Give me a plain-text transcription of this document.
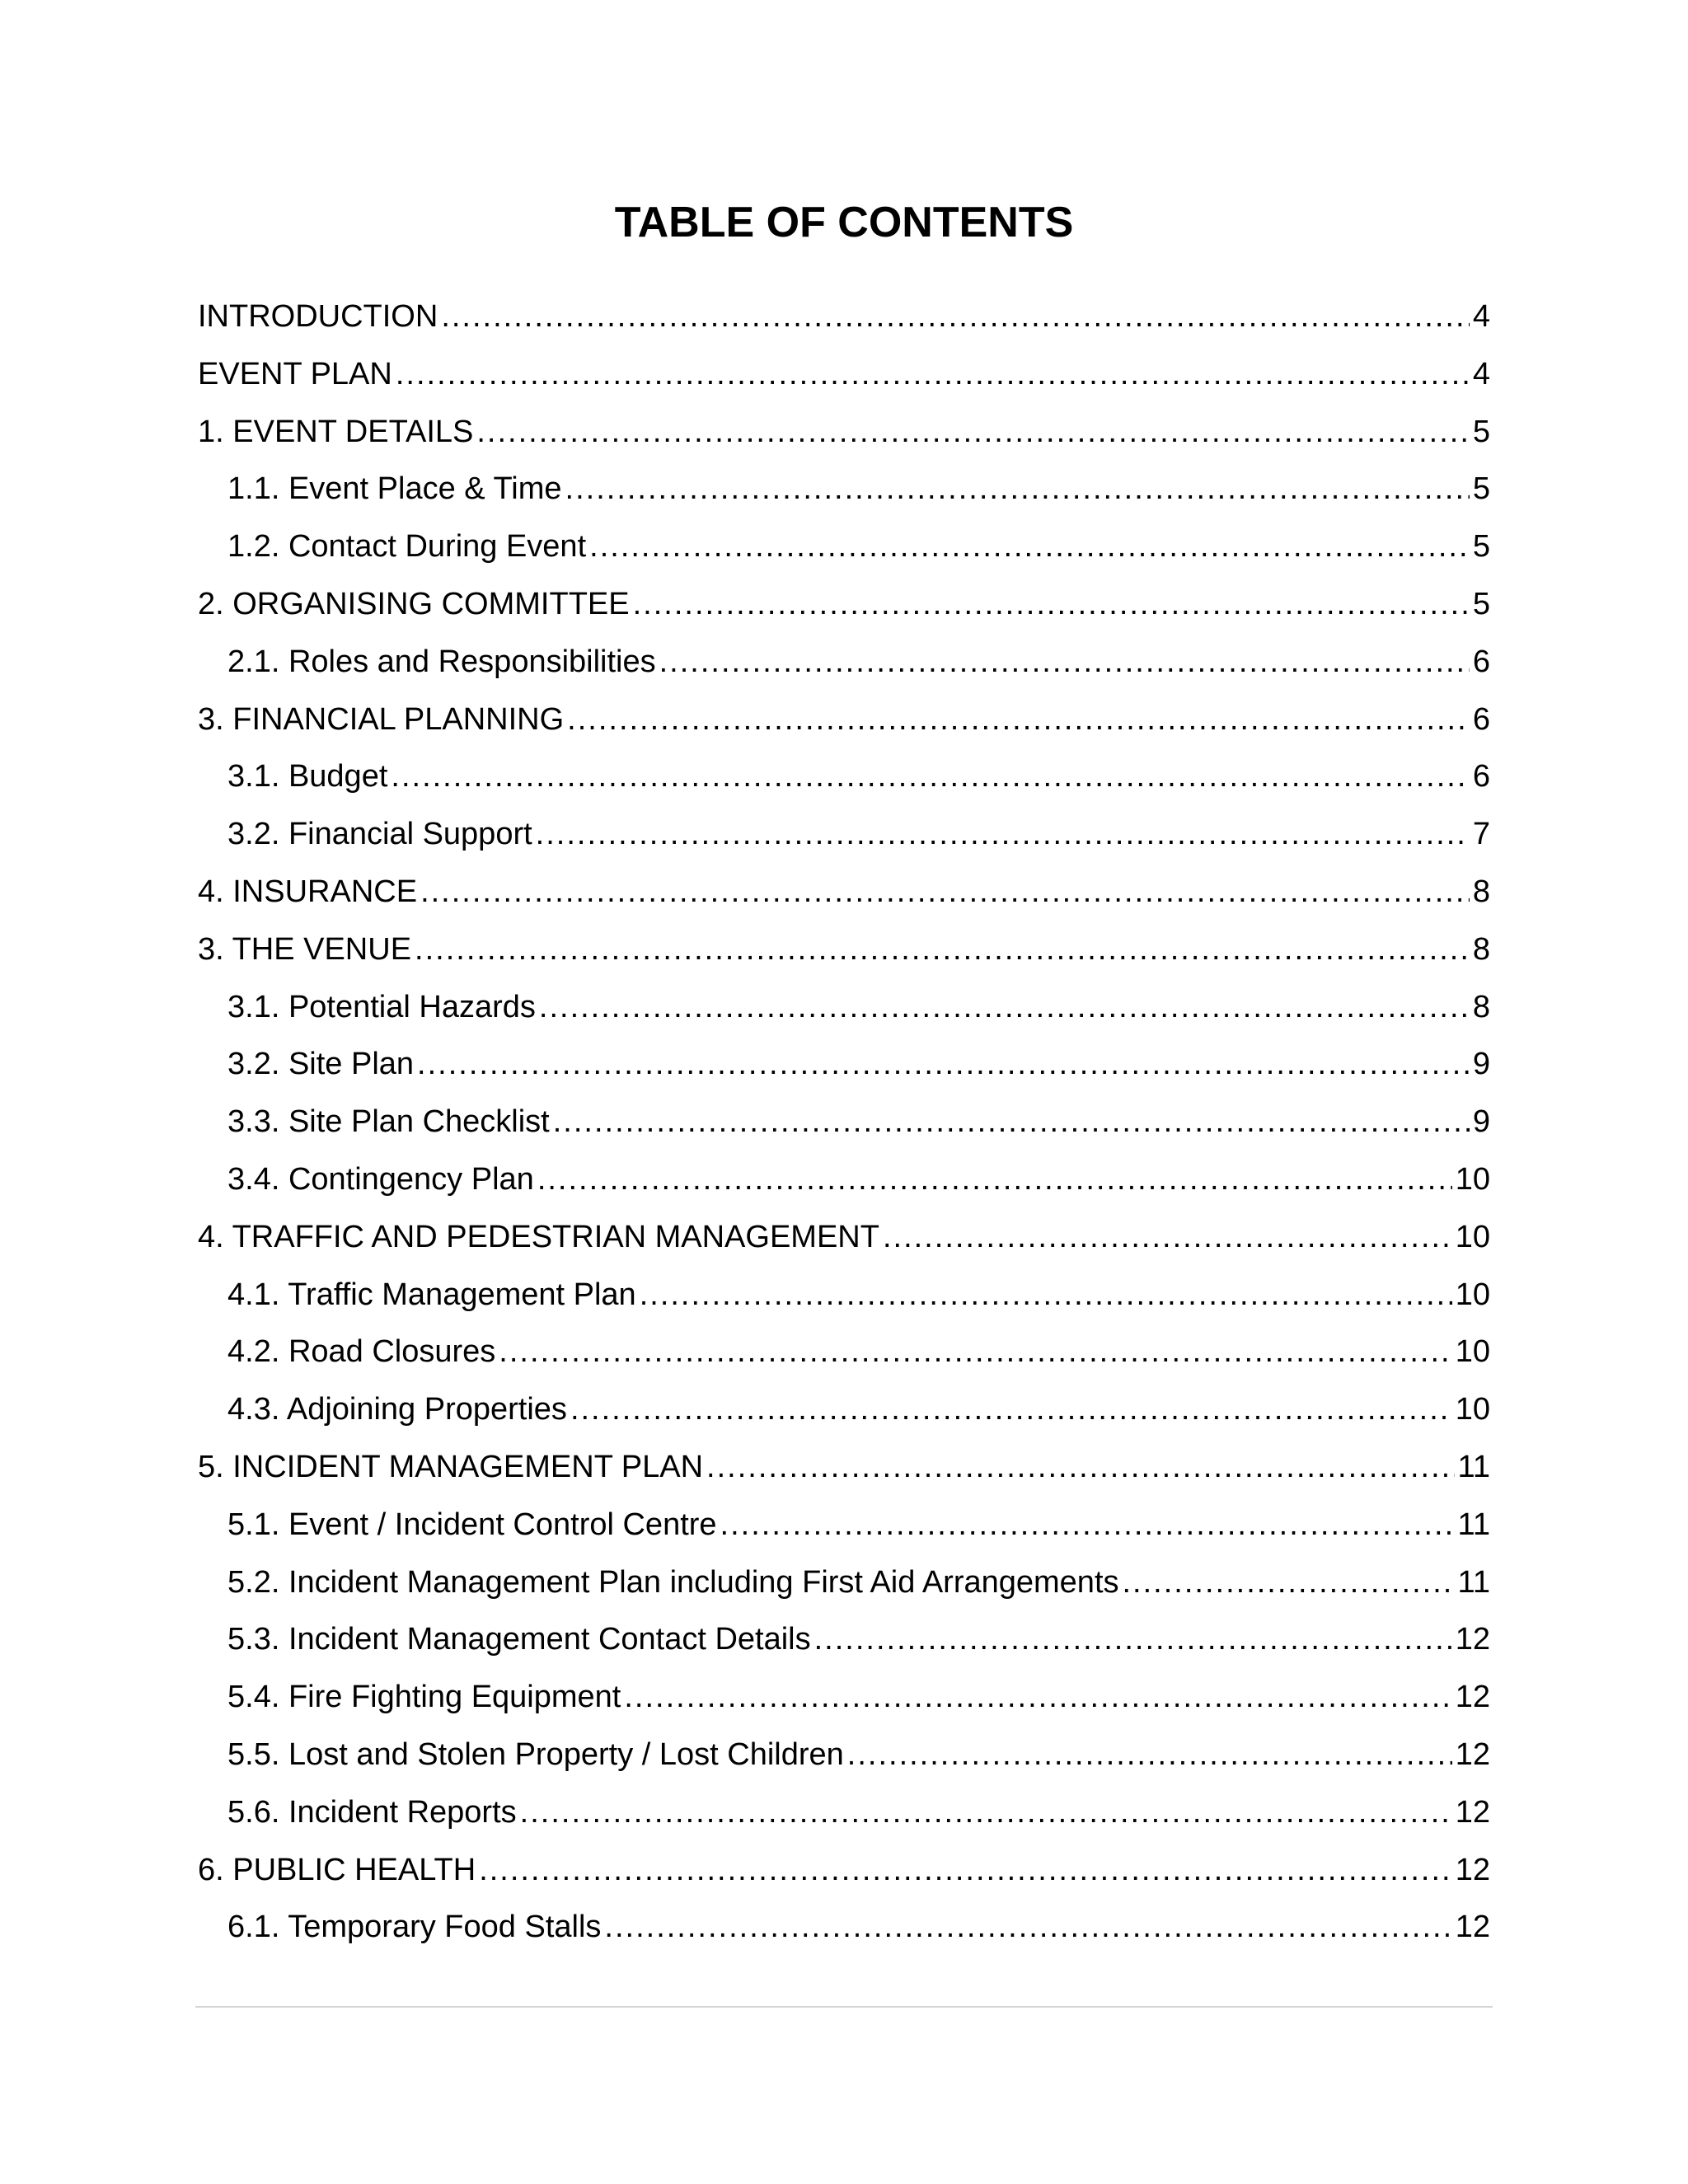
TABLE OF CONTENTS
INTRODUCTION .....	4
EVENT PLAN .....	4
1. EVENT DETAILS .....	5
1.1. Event Place & Time .....	5
1.2. Contact During Event .....	5
2. ORGANISING COMMITTEE .....	5
2.1. Roles and Responsibilities .....	6
3. FINANCIAL PLANNING .....	6
3.1. Budget .....	6
3.2. Financial Support .....	7
4. INSURANCE .....	8
3. THE VENUE .....	8
3.1. Potential Hazards .....	8
3.2. Site Plan .....	9
3.3. Site Plan Checklist .....	9
3.4. Contingency Plan .....	10
4. TRAFFIC AND PEDESTRIAN MANAGEMENT .....	10
4.1. Traffic Management Plan .....	10
4.2. Road Closures .....	10
4.3. Adjoining Properties .....	10
5. INCIDENT MANAGEMENT PLAN .....	11
5.1. Event / Incident Control Centre .....	11
5.2. Incident Management Plan including First Aid Arrangements .....	11
5.3. Incident Management Contact Details .....	12
5.4. Fire Fighting Equipment .....	12
5.5. Lost and Stolen Property / Lost Children .....	12
5.6. Incident Reports .....	12
6. PUBLIC HEALTH .....	12
6.1. Temporary Food Stalls .....	12
